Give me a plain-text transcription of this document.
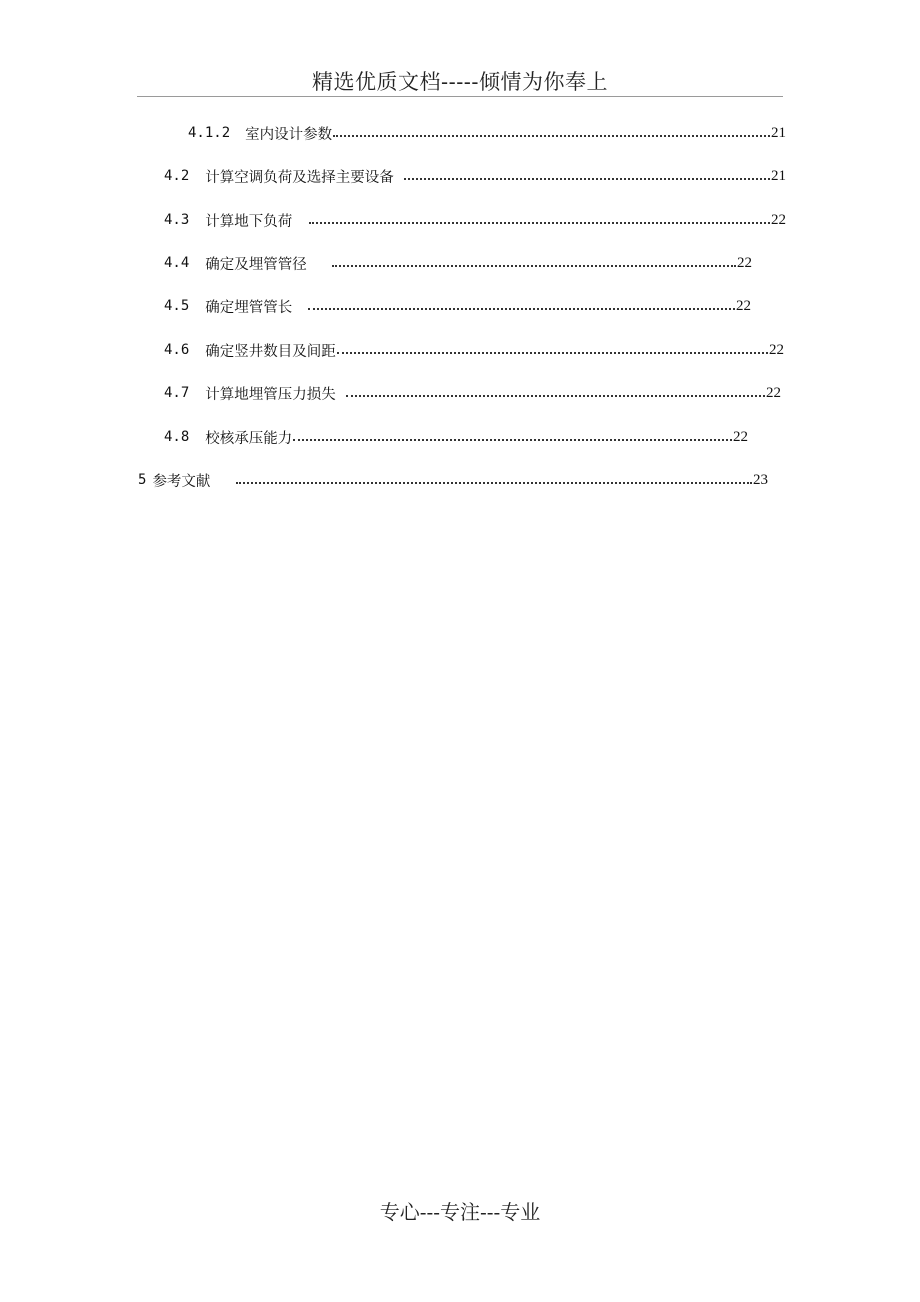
精选优质文档-----倾情为你奉上
4.1.2 室内设计参数	21
4.2 计算空调负荷及选择主要设备	21
4.3 计算地下负荷	22
4.4 确定及埋管管径	22
4.5 确定埋管管长	22
4.6 确定竖井数目及间距	22
4.7 计算地埋管压力损失	22
4.8 校核承压能力	22
5 参考文献	23
专心---专注---专业
